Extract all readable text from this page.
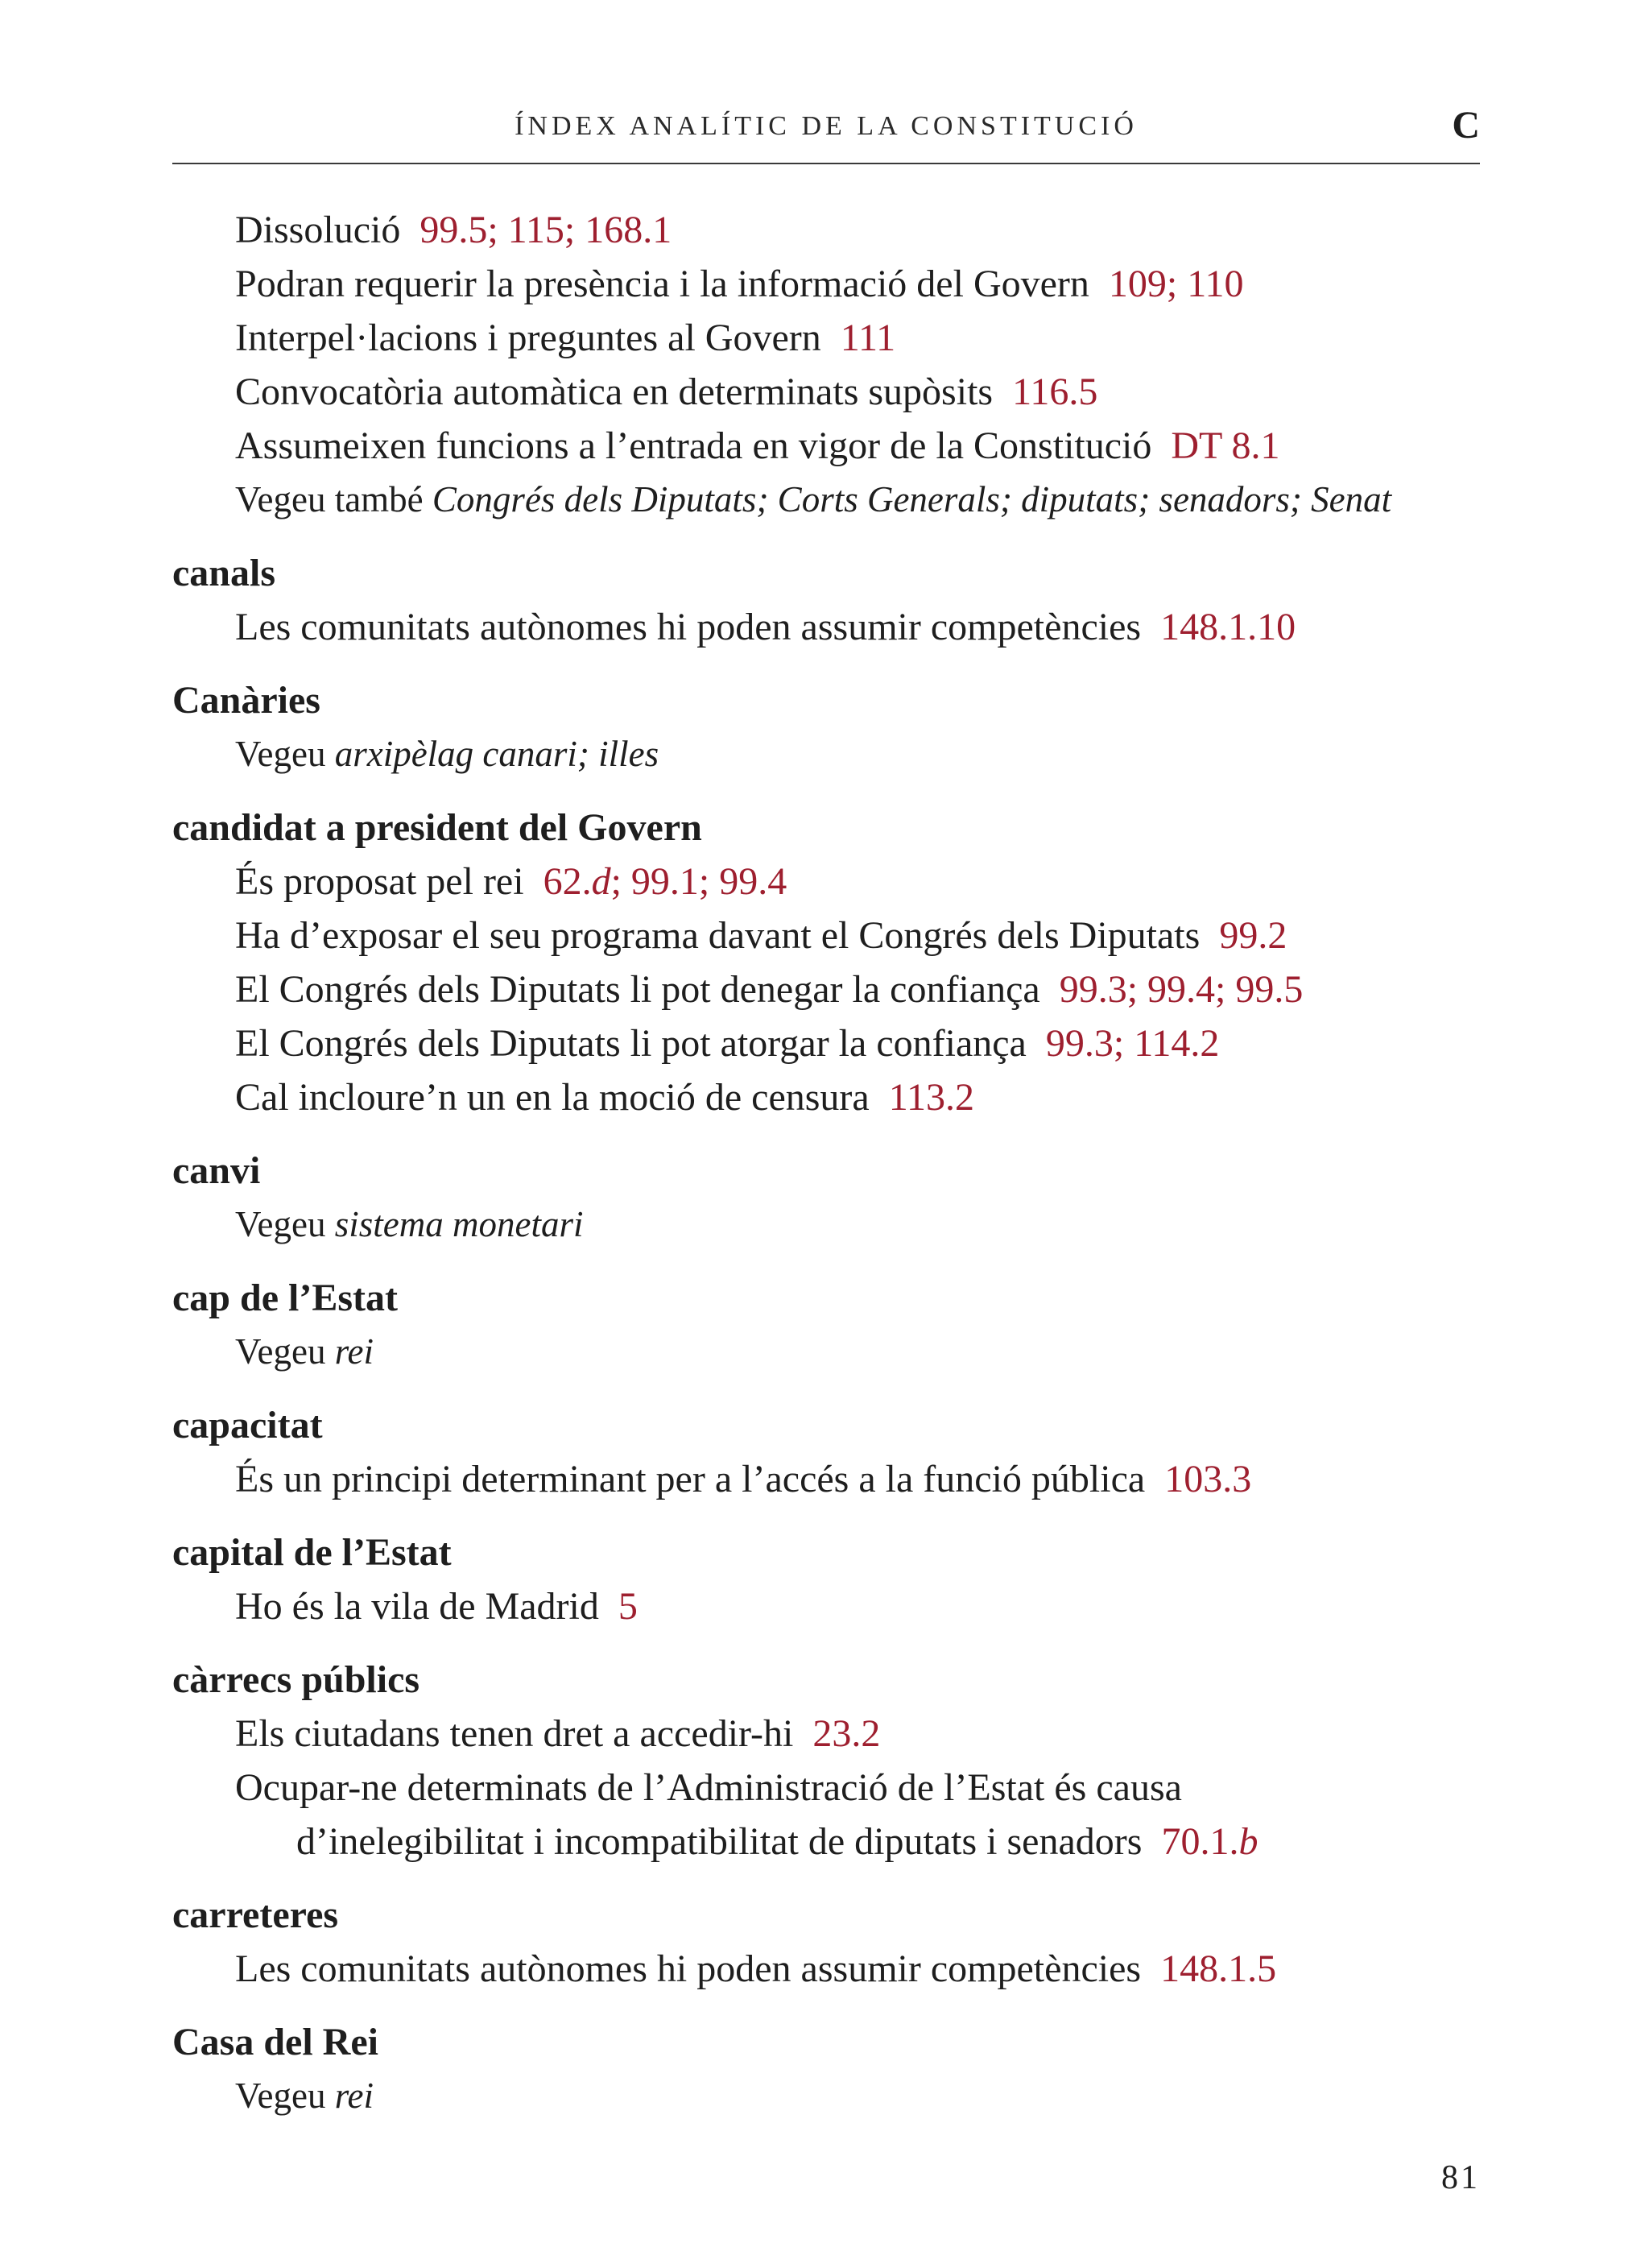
ÍNDEX ANALÍTIC DE LA CONSTITUCIÓ	C
Dissolució 99.5; 115; 168.1
Podran requerir la presència i la informació del Govern 109; 110
Interpel·lacions i preguntes al Govern 111
Convocatòria automàtica en determinats supòsits 116.5
Assumeixen funcions a l’entrada en vigor de la Constitució DT 8.1
Vegeu també Congrés dels Diputats; Corts Generals; diputats; senadors; Senat
canals
Les comunitats autònomes hi poden assumir competències 148.1.10
Canàries
Vegeu arxipèlag canari; illes
candidat a president del Govern
És proposat pel rei 62.d; 99.1; 99.4
Ha d’exposar el seu programa davant el Congrés dels Diputats 99.2
El Congrés dels Diputats li pot denegar la confiança 99.3; 99.4; 99.5
El Congrés dels Diputats li pot atorgar la confiança 99.3; 114.2
Cal incloure’n un en la moció de censura 113.2
canvi
Vegeu sistema monetari
cap de l’Estat
Vegeu rei
capacitat
És un principi determinant per a l’accés a la funció pública 103.3
capital de l’Estat
Ho és la vila de Madrid 5
càrrecs públics
Els ciutadans tenen dret a accedir-hi 23.2
Ocupar-ne determinats de l’Administració de l’Estat és causa
d’inelegibilitat i incompatibilitat de diputats i senadors 70.1.b
carreteres
Les comunitats autònomes hi poden assumir competències 148.1.5
Casa del Rei
Vegeu rei
81
